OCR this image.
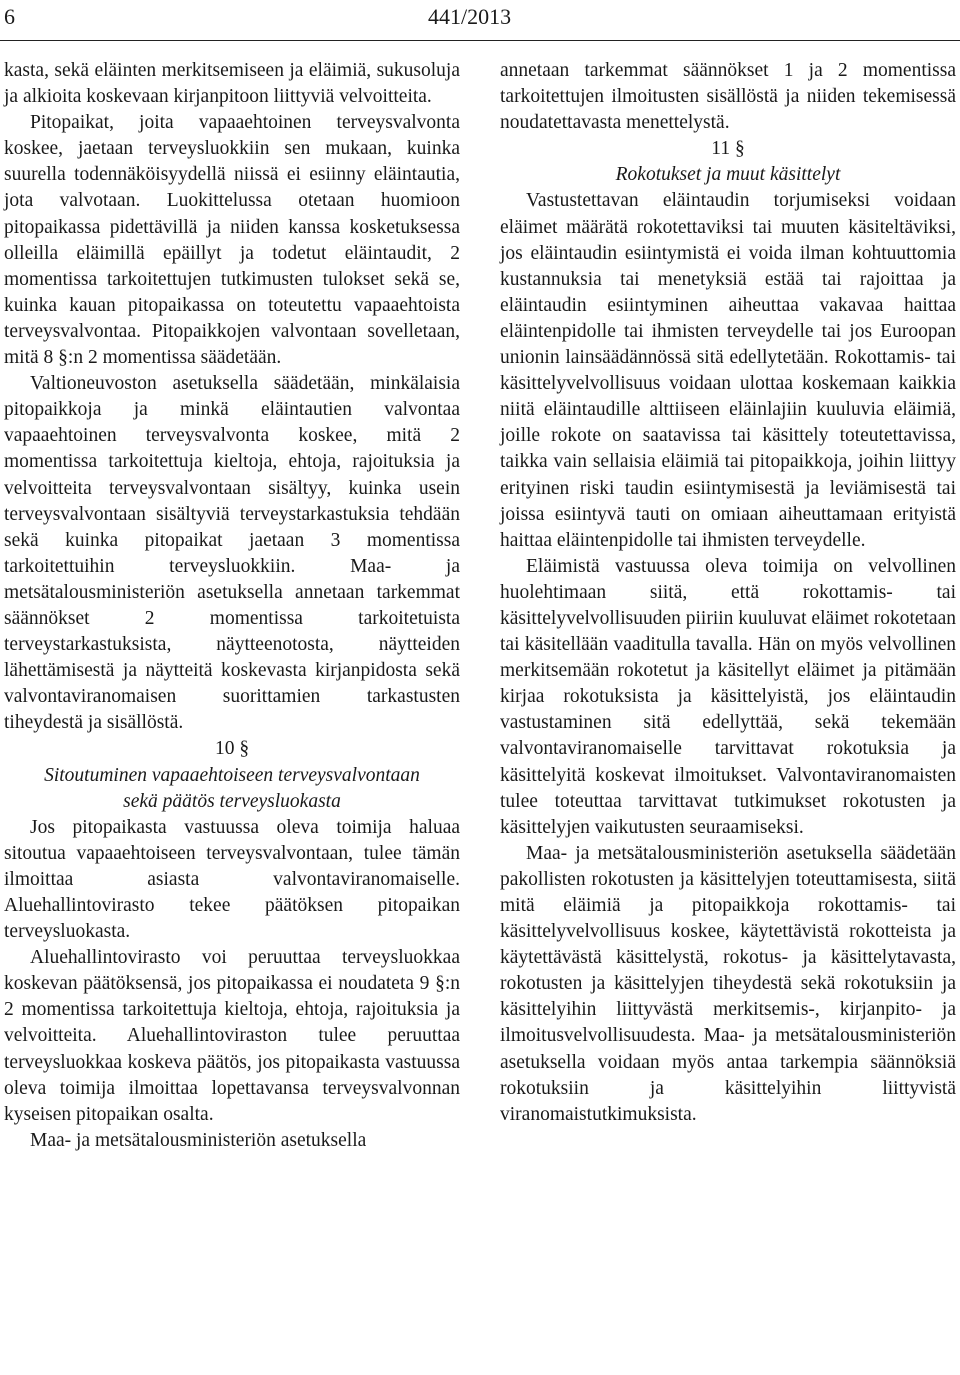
6	441/2013

kasta, sekä eläinten merkitsemiseen ja eläimiä, sukusoluja ja alkioita koskevaan kirjanpitoon liittyviä velvoitteita.

Pitopaikat, joita vapaaehtoinen terveysvalvonta koskee, jaetaan terveysluokkiin sen mukaan, kuinka suurella todennäköisyydellä niissä ei esiinny eläintautia, jota valvotaan. Luokittelussa otetaan huomioon pitopaikassa pidettävillä ja niiden kanssa kosketuksessa olleilla eläimillä epäillyt ja todetut eläintaudit, 2 momentissa tarkoitettujen tutkimusten tulokset sekä se, kuinka kauan pitopaikassa on toteutettu vapaaehtoista terveysvalvontaa. Pitopaikkojen valvontaan sovelletaan, mitä 8 §:n 2 momentissa säädetään.

Valtioneuvoston asetuksella säädetään, minkälaisia pitopaikkoja ja minkä eläintautien valvontaa vapaaehtoinen terveysvalvonta koskee, mitä 2 momentissa tarkoitettuja kieltoja, ehtoja, rajoituksia ja velvoitteita terveysvalvontaan sisältyy, kuinka usein terveysvalvontaan sisältyviä terveystarkastuksia tehdään sekä kuinka pitopaikat jaetaan 3 momentissa tarkoitettuihin terveysluokkiin. Maa- ja metsätalousministeriön asetuksella annetaan tarkemmat säännökset 2 momentissa tarkoitetuista terveystarkastuksista, näytteenotosta, näytteiden lähettämisestä ja näytteitä koskevasta kirjanpidosta sekä valvontaviranomaisen suorittamien tarkastusten tiheydestä ja sisällöstä.

10 §

Sitoutuminen vapaaehtoiseen terveysvalvontaan sekä päätös terveysluokasta

Jos pitopaikasta vastuussa oleva toimija haluaa sitoutua vapaaehtoiseen terveysvalvontaan, tulee tämän ilmoittaa asiasta valvontaviranomaiselle. Aluehallintovirasto tekee päätöksen pitopaikan terveysluokasta.

Aluehallintovirasto voi peruuttaa terveysluokkaa koskevan päätöksensä, jos pitopaikassa ei noudateta 9 §:n 2 momentissa tarkoitettuja kieltoja, ehtoja, rajoituksia ja velvoitteita. Aluehallintoviraston tulee peruuttaa terveysluokkaa koskeva päätös, jos pitopaikasta vastuussa oleva toimija ilmoittaa lopettavansa terveysvalvonnan kyseisen pitopaikan osalta.

Maa- ja metsätalousministeriön asetuksella

annetaan tarkemmat säännökset 1 ja 2 momentissa tarkoitettujen ilmoitusten sisällöstä ja niiden tekemisessä noudatettavasta menettelystä.

11 §

Rokotukset ja muut käsittelyt

Vastustettavan eläintaudin torjumiseksi voidaan eläimet määrätä rokotettaviksi tai muuten käsiteltäviksi, jos eläintaudin esiintymistä ei voida ilman kohtuuttomia kustannuksia tai menetyksiä estää tai rajoittaa ja eläintaudin esiintyminen aiheuttaa vakavaa haittaa eläintenpidolle tai ihmisten terveydelle tai jos Euroopan unionin lainsäädännössä sitä edellytetään. Rokottamis- tai käsittelyvelvollisuus voidaan ulottaa koskemaan kaikkia niitä eläintaudille alttiiseen eläinlajiin kuuluvia eläimiä, joille rokote on saatavissa tai käsittely toteutettavissa, taikka vain sellaisia eläimiä tai pitopaikkoja, joihin liittyy erityinen riski taudin esiintymisestä ja leviämisestä tai joissa esiintyvä tauti on omiaan aiheuttamaan erityistä haittaa eläintenpidolle tai ihmisten terveydelle.

Eläimistä vastuussa oleva toimija on velvollinen huolehtimaan siitä, että rokottamis- tai käsittelyvelvollisuuden piiriin kuuluvat eläimet rokotetaan tai käsitellään vaaditulla tavalla. Hän on myös velvollinen merkitsemään rokotetut ja käsitellyt eläimet ja pitämään kirjaa rokotuksista ja käsittelyistä, jos eläintaudin vastustaminen sitä edellyttää, sekä tekemään valvontaviranomaiselle tarvittavat rokotuksia ja käsittelyitä koskevat ilmoitukset. Valvontaviranomaisten tulee toteuttaa tarvittavat tutkimukset rokotusten ja käsittelyjen vaikutusten seuraamiseksi.

Maa- ja metsätalousministeriön asetuksella säädetään pakollisten rokotusten ja käsittelyjen toteuttamisesta, siitä mitä eläimiä ja pitopaikkoja rokottamis- tai käsittelyvelvollisuus koskee, käytettävistä rokotteista ja käytettävästä käsittelystä, rokotus- ja käsittelytavasta, rokotusten ja käsittelyjen tiheydestä sekä rokotuksiin ja käsittelyihin liittyvästä merkitsemis-, kirjanpito- ja ilmoitusvelvollisuudesta. Maa- ja metsätalousministeriön asetuksella voidaan myös antaa tarkempia säännöksiä rokotuksiin ja käsittelyihin liittyvistä viranomaistutkimuksista.
